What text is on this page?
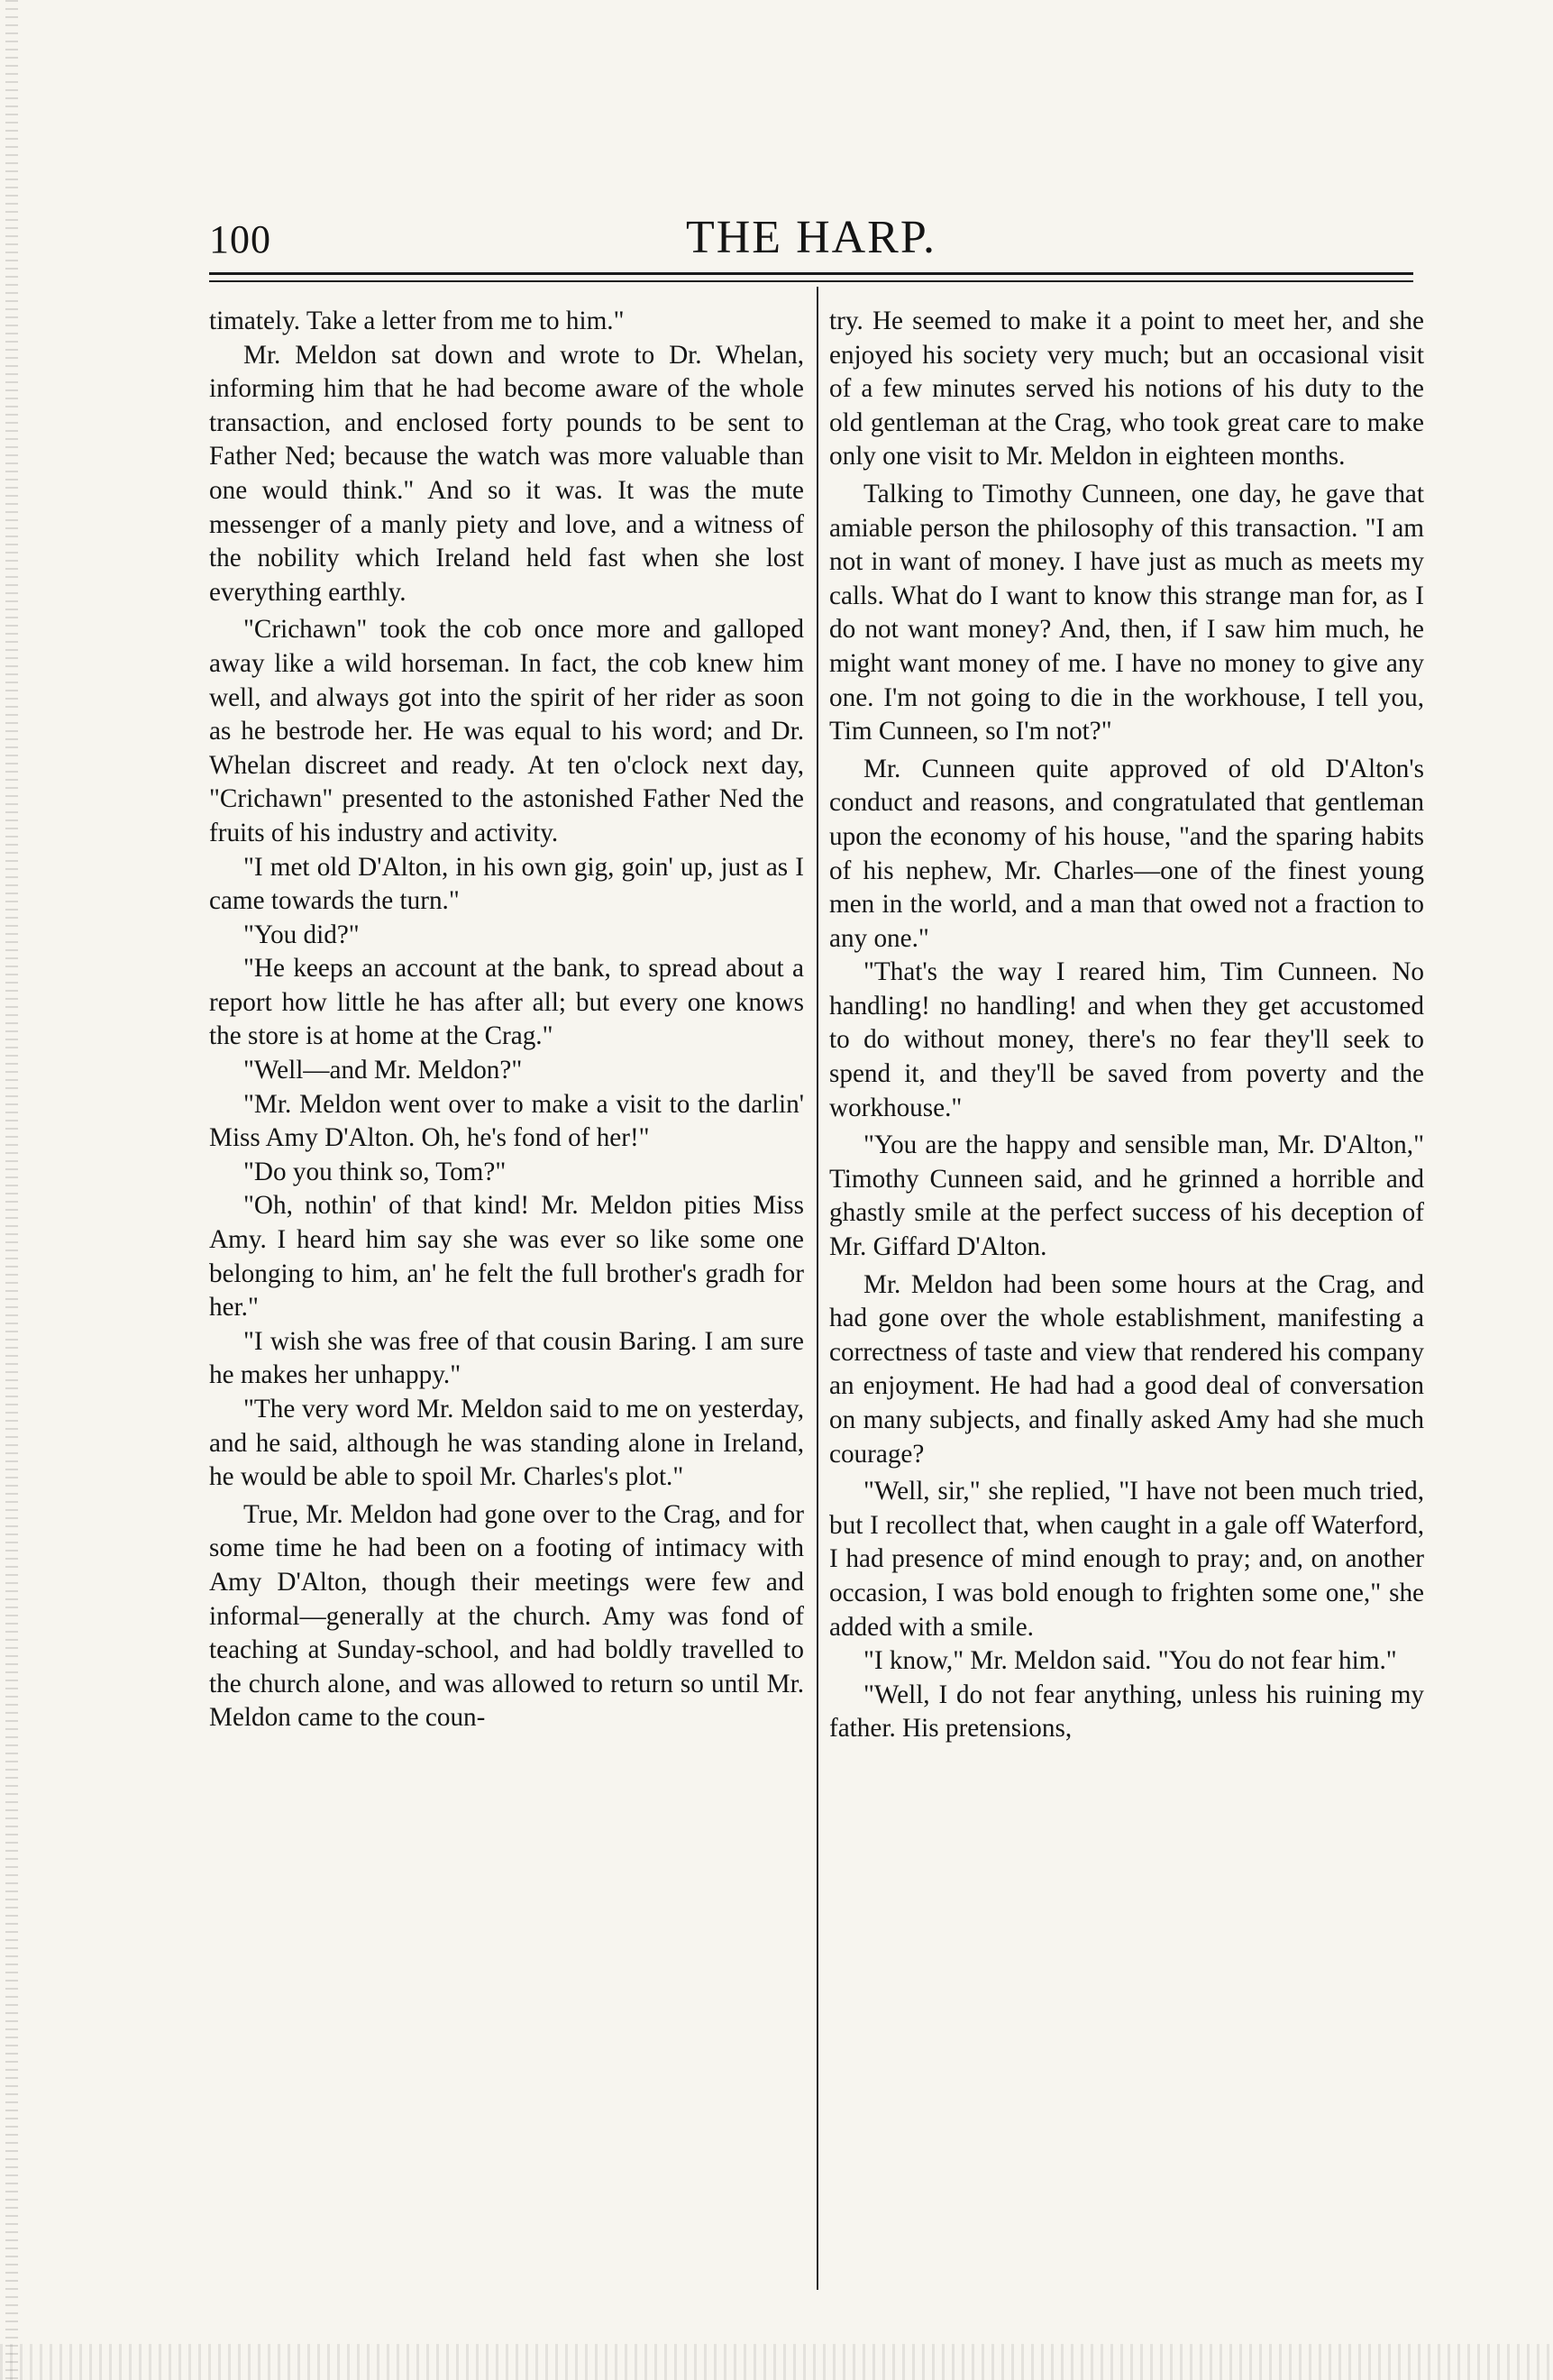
100	THE HARP.

timately. Take a letter from me to him."

Mr. Meldon sat down and wrote to Dr. Whelan, informing him that he had become aware of the whole transaction, and enclosed forty pounds to be sent to Father Ned; because the watch was more valuable than one would think." And so it was. It was the mute messenger of a manly piety and love, and a witness of the nobility which Ireland held fast when she lost everything earthly.

"Crichawn" took the cob once more and galloped away like a wild horseman. In fact, the cob knew him well, and always got into the spirit of her rider as soon as he bestrode her. He was equal to his word; and Dr. Whelan discreet and ready. At ten o'clock next day, "Crichawn" presented to the astonished Father Ned the fruits of his industry and activity.

"I met old D'Alton, in his own gig, goin' up, just as I came towards the turn."

"You did?"

"He keeps an account at the bank, to spread about a report how little he has after all; but every one knows the store is at home at the Crag."

"Well—and Mr. Meldon?"

"Mr. Meldon went over to make a visit to the darlin' Miss Amy D'Alton. Oh, he's fond of her!"

"Do you think so, Tom?"

"Oh, nothin' of that kind! Mr. Meldon pities Miss Amy. I heard him say she was ever so like some one belonging to him, an' he felt the full brother's gradh for her."

"I wish she was free of that cousin Baring. I am sure he makes her unhappy."

"The very word Mr. Meldon said to me on yesterday, and he said, although he was standing alone in Ireland, he would be able to spoil Mr. Charles's plot."

True, Mr. Meldon had gone over to the Crag, and for some time he had been on a footing of intimacy with Amy D'Alton, though their meetings were few and informal—generally at the church. Amy was fond of teaching at Sunday-school, and had boldly travelled to the church alone, and was allowed to return so until Mr. Meldon came to the coun-

try. He seemed to make it a point to meet her, and she enjoyed his society very much; but an occasional visit of a few minutes served his notions of his duty to the old gentleman at the Crag, who took great care to make only one visit to Mr. Meldon in eighteen months.

Talking to Timothy Cunneen, one day, he gave that amiable person the philosophy of this transaction. "I am not in want of money. I have just as much as meets my calls. What do I want to know this strange man for, as I do not want money? And, then, if I saw him much, he might want money of me. I have no money to give any one. I'm not going to die in the workhouse, I tell you, Tim Cunneen, so I'm not?"

Mr. Cunneen quite approved of old D'Alton's conduct and reasons, and congratulated that gentleman upon the economy of his house, "and the sparing habits of his nephew, Mr. Charles—one of the finest young men in the world, and a man that owed not a fraction to any one."

"That's the way I reared him, Tim Cunneen. No handling! no handling! and when they get accustomed to do without money, there's no fear they'll seek to spend it, and they'll be saved from poverty and the workhouse."

"You are the happy and sensible man, Mr. D'Alton," Timothy Cunneen said, and he grinned a horrible and ghastly smile at the perfect success of his deception of Mr. Giffard D'Alton.

Mr. Meldon had been some hours at the Crag, and had gone over the whole establishment, manifesting a correctness of taste and view that rendered his company an enjoyment. He had had a good deal of conversation on many subjects, and finally asked Amy had she much courage?

"Well, sir," she replied, "I have not been much tried, but I recollect that, when caught in a gale off Waterford, I had presence of mind enough to pray; and, on another occasion, I was bold enough to frighten some one," she added with a smile.

"I know," Mr. Meldon said. "You do not fear him."

"Well, I do not fear anything, unless his ruining my father. His pretensions,
